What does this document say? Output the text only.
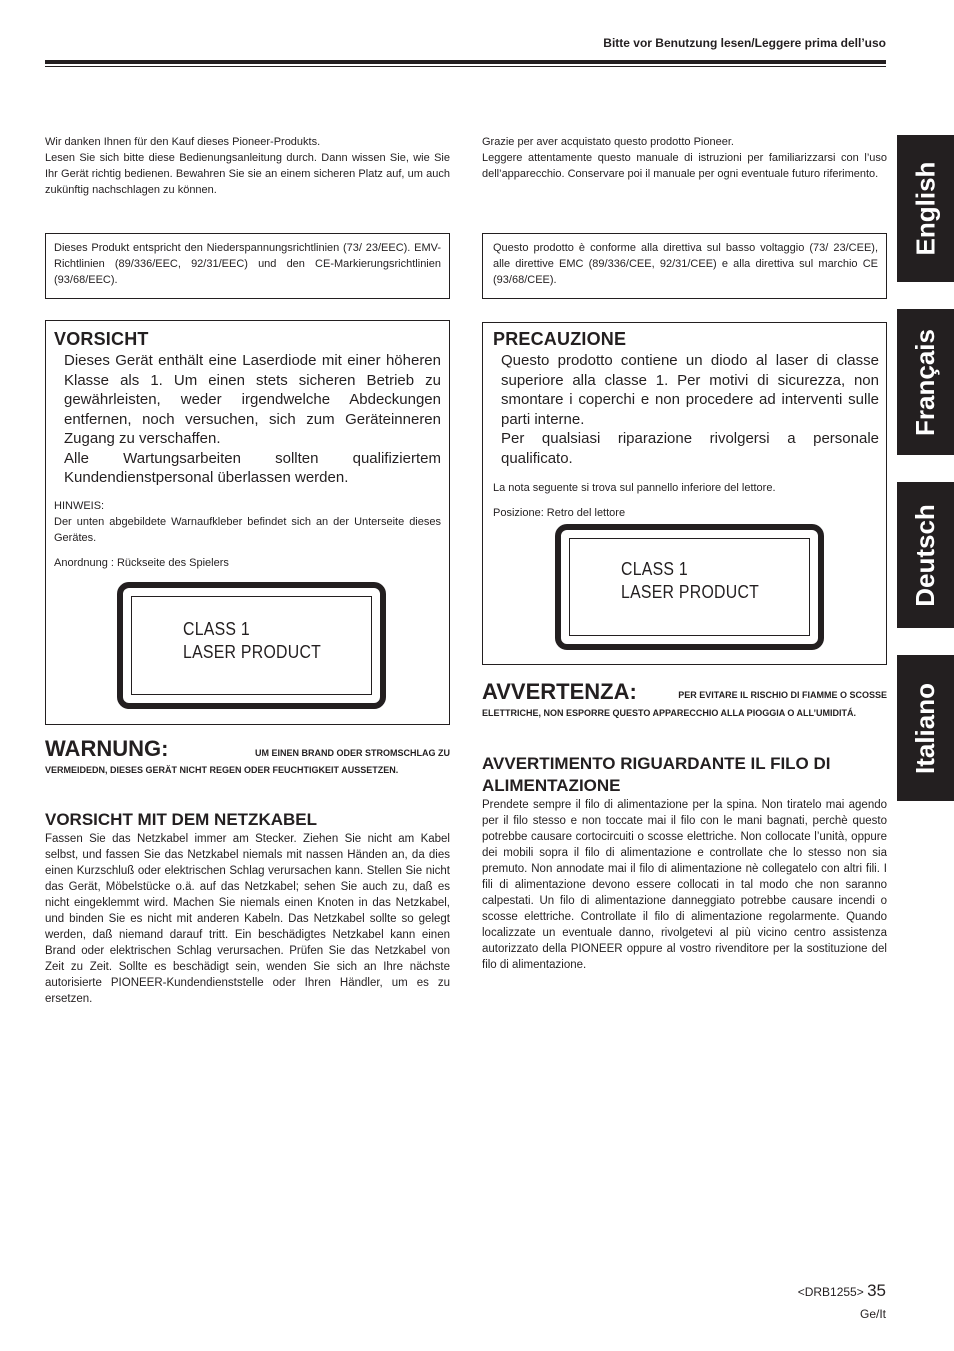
Bitte vor Benutzung lesen/Leggere prima dell’uso
Wir danken Ihnen für den Kauf dieses Pioneer-Produkts.
Lesen Sie sich bitte diese Bedienungsanleitung durch. Dann wissen Sie, wie Sie Ihr Gerät richtig bedienen. Bewahren Sie sie an einem sicheren Platz auf, um auch zukünftig nachschlagen zu können.
Dieses Produkt entspricht den Niederspannungsrichtlinien (73/ 23/EEC). EMV-Richtlinien (89/336/EEC, 92/31/EEC) und den CE-Markierungsrichtlinien (93/68/EEC).
VORSICHT
Dieses Gerät enthält eine Laserdiode mit einer höheren Klasse als 1. Um einen stets sicheren Betrieb zu gewährleisten, weder irgendwelche Abdeckungen entfernen, noch versuchen, sich zum Geräteinneren Zugang zu verschaffen.
Alle Wartungsarbeiten sollten qualifiziertem Kundendienstpersonal überlassen werden.
HINWEIS:
Der unten abgebildete Warnaufkleber befindet sich an der Unterseite dieses Gerätes.
Anordnung : Rückseite des Spielers
CLASS 1
LASER PRODUCT
WARNUNG:	UM EINEN BRAND ODER STROMSCHLAG ZU
VERMEIDEDN, DIESES GERÄT NICHT REGEN ODER FEUCHTIGKEIT AUSSETZEN.
VORSICHT MIT DEM NETZKABEL
Fassen Sie das Netzkabel immer am Stecker. Ziehen Sie nicht am Kabel selbst, und fassen Sie das Netzkabel niemals mit nassen Händen an, da dies einen Kurzschluß oder elektrischen Schlag verursachen kann. Stellen Sie nicht das Gerät, Möbelstücke o.ä. auf das Netzkabel; sehen Sie auch zu, daß es nicht eingeklemmt wird. Machen Sie niemals einen Knoten in das Netzkabel, und binden Sie es nicht mit anderen Kabeln. Das Netzkabel sollte so gelegt werden, daß niemand darauf tritt. Ein beschädigtes Netzkabel kann einen Brand oder elektrischen Schlag verursachen. Prüfen Sie das Netzkabel von Zeit zu Zeit. Sollte es beschädigt sein, wenden Sie sich an Ihre nächste autorisierte PIONEER-Kundendienststelle oder Ihren Händler, um es zu ersetzen.
Grazie per aver acquistato questo prodotto Pioneer.
Leggere attentamente questo manuale di istruzioni per familiarizzarsi con l’uso dell’apparecchio. Conservare poi il manuale per ogni eventuale futuro riferimento.
Questo prodotto è conforme alla direttiva sul basso voltaggio (73/ 23/CEE), alle direttive EMC (89/336/CEE, 92/31/CEE) e alla direttiva sul marchio CE (93/68/CEE).
PRECAUZIONE
Questo prodotto contiene un diodo al laser di classe superiore alla classe 1. Per motivi di sicurezza, non smontare i coperchi e non procedere ad interventi sulle parti interne.
Per qualsiasi riparazione rivolgersi a personale qualificato.
La nota seguente si trova sul pannello inferiore del lettore.
Posizione: Retro del lettore
CLASS 1
LASER PRODUCT
AVVERTENZA:	PER EVITARE IL RISCHIO DI FIAMME O SCOSSE
ELETTRICHE, NON ESPORRE QUESTO APPARECCHIO ALLA PIOGGIA O ALL’UMIDITÁ.
AVVERTIMENTO RIGUARDANTE IL FILO DI ALIMENTAZIONE
Prendete sempre il filo di alimentazione per la spina. Non tiratelo mai agendo per il filo stesso e non toccate mai il filo con le mani bagnati, perchè questo potrebbe causare cortocircuiti o scosse elettriche. Non collocate l’unità, oppure dei mobili sopra il filo di alimentazione e controllate che lo stesso non sia premuto. Non annodate mai il filo di alimentazione nè collegatelo con altri fili. I fili di alimentazione devono essere collocati in tal modo che non saranno calpestati. Un filo di alimentazione danneggiato potrebbe causare incendi o scosse elettriche. Controllate il filo di alimentazione regolarmente. Quando localizzate un eventuale danno, rivolgetevi al più vicino centro assistenza autorizzato della PIONEER oppure al vostro rivenditore per la sostituzione del filo di alimentazione.
English
Français
Deutsch
Italiano
<DRB1255> 35
Ge/It
